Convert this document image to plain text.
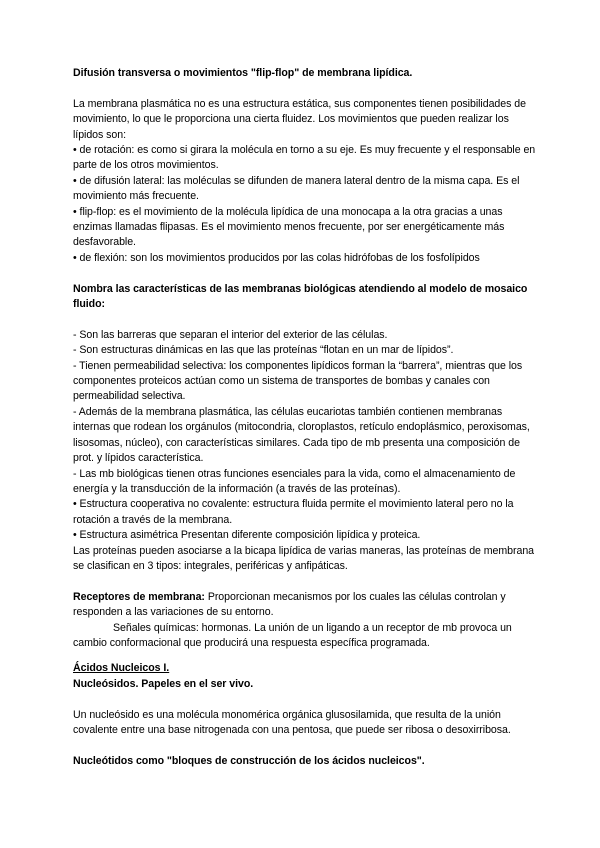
Difusión transversa o movimientos "flip-flop" de membrana lipídica.

La membrana plasmática no es una estructura estática, sus componentes tienen posibilidades de movimiento, lo que le proporciona una cierta fluidez. Los movimientos que pueden realizar los lípidos son:

• de rotación: es como si girara la molécula en torno a su eje. Es muy frecuente y el responsable en parte de los otros movimientos.

• de difusión lateral: las moléculas se difunden de manera lateral dentro de la misma capa. Es el movimiento más frecuente.

• flip-flop: es el movimiento de la molécula lipídica de una monocapa a la otra gracias a unas enzimas llamadas flipasas. Es el movimiento menos frecuente, por ser energéticamente más desfavorable.

• de flexión: son los movimientos producidos por las colas hidrófobas de los fosfolípidos

Nombra las características de las membranas biológicas atendiendo al modelo de mosaico fluido:

- Son las barreras que separan el interior del exterior de las células.

- Son estructuras dinámicas en las que las proteínas “flotan en un mar de lípidos”.

- Tienen permeabilidad selectiva: los componentes lipídicos forman la “barrera”, mientras que los componentes proteicos actúan como un sistema de transportes de bombas y canales con permeabilidad selectiva.

- Además de la membrana plasmática, las células eucariotas también contienen membranas internas que rodean los orgánulos (mitocondria, cloroplastos, retículo endoplásmico, peroxisomas, lisosomas, núcleo), con características similares. Cada tipo de mb presenta una composición de prot. y lípidos característica.

- Las mb biológicas tienen otras funciones esenciales para la vida, como el almacenamiento de energía y la transducción de la información (a través de las proteínas).

• Estructura cooperativa no covalente: estructura fluida permite el movimiento lateral pero no la rotación a través de la membrana.

• Estructura asimétrica Presentan diferente composición lipídica y proteica.

Las proteínas pueden asociarse a la bicapa lipídica de varias maneras, las proteínas de membrana se clasifican en 3 tipos: integrales, periféricas y anfipáticas.

Receptores de membrana: Proporcionan mecanismos por los cuales las células controlan y responden a las variaciones de su entorno.

Señales químicas: hormonas. La unión de un ligando a un receptor de mb provoca un cambio conformacional que producirá una respuesta específica programada.

Ácidos Nucleicos I.

Nucleósidos. Papeles en el ser vivo.

Un nucleósido es una molécula monomérica orgánica glusosilamida, que resulta de la unión covalente entre una base nitrogenada con una pentosa, que puede ser ribosa o desoxirribosa.

Nucleótidos como "bloques de construcción de los ácidos nucleicos".
